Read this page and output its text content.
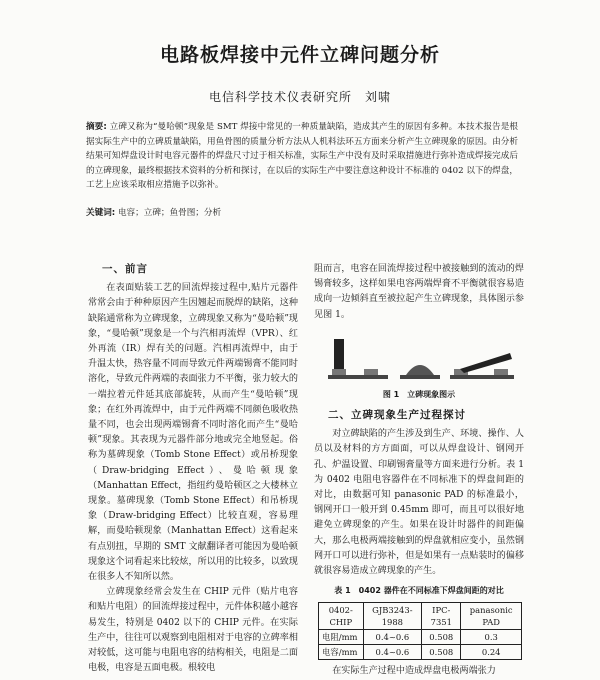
电路板焊接中元件立碑问题分析
电信科学技术仪表研究所　刘啸
摘要: 立碑又称为“曼哈顿”现象是 SMT 焊接中常见的一种质量缺陷，造成其产生的原因有多种。本技术报告是根据实际生产中的立碑质量缺陷，用鱼骨图的质量分析方法从人机料法环五方面来分析产生立碑现象的原因。由分析结果可知焊盘设计时电容元器件的焊盘尺寸过于相关标准，实际生产中没有及时采取措施进行弥补造成焊接完成后的立碑现象，最终根据技术资料的分析和探讨，在以后的实际生产中要注意这种设计不标准的 0402 以下的焊盘，工艺上应该采取相应措施予以弥补。
关键词: 电容；立碑；鱼骨图；分析
一、前言

在表面贴装工艺的回流焊接过程中,贴片元器件常常会由于种种原因产生因翘起而脱焊的缺陷，这种缺陷通常称为立碑现象，立碑现象又称为“曼哈顿”现象，“曼哈顿”现象是一个与汽相再流焊（VPR）、红外再流（IR）焊有关的问题。汽相再流焊中，由于升温太快，热容量不同而导致元件两端锡膏不能同时溶化，导致元件两端的表面张力不平衡，张力较大的一端拉着元件延其底部旋转，从而产生“曼哈顿”现象；在红外再流焊中，由于元件两端不同颜色吸收热量不同，也会出现两端锡膏不同时溶化而产生“曼哈顿”现象。其表现为元器件部分地或完全地竖起。俗称为墓碑现象（Tomb Stone Effect）或吊桥现象（Draw-bridging Effect）、曼哈顿现象（Manhattan Effect，指纽约曼哈顿区之大楼林立现象。墓碑现象（Tomb Stone Effect）和吊桥现象（Draw-bridging Effect）比较直观，容易理解，而曼哈顿现象（Manhattan Effect）这看起来有点别扭，早期的 SMT 文献翻译者可能因为曼哈顿现象这个词看起来比较炫，所以用的比较多，以致现在很多人不知所以然。

立碑现象经常会发生在 CHIP 元件（贴片电容和贴片电阻）的回流焊接过程中，元件体积越小越容易发生，特别是 0402 以下的 CHIP 元件。在实际生产中，往往可以观察到电阻相对于电容的立碑率相对较低，这可能与电阻电容的结构相关，电阻是二面电极，电容是五面电极。根较电

阻而言，电容在回流焊接过程中被接触到的流动的焊锡膏较多，这样如果电容两端焊膏不平衡就很容易造成向一边倾斜直至被拉起产生立碑现象，具体图示参见图 1。

图 1　立碑现象图示
二、立碑现象生产过程探讨

对立碑缺陷的产生涉及到生产、环境、操作、人员以及材料的方方面面，可以从焊盘设计、钢网开孔、炉温设置、印刷锡膏量等方面来进行分析。表 1 为 0402 电阻电容器件在不同标准下的焊盘间距的对比，由数据可知 panasonic PAD 的标准最小，钢网开口一般开到 0.45mm 即可，而且可以很好地避免立碑现象的产生。如果在设计时器件的间距偏大，那么电极两端接触到的焊盘就相应变小，虽然钢网开口可以进行弥补，但是如果有一点贴装时的偏移就很容易造成立碑现象的产生。

表 1　0402 器件在不同标准下焊盘间距的对比
0402-CHIP	GJB3243-1988	IPC-7351	panasonic PAD
电阻/mm	0.4~0.6	0.508	0.3
电容/mm	0.4~0.6	0.508	0.24

在实际生产过程中造成焊盘电极两端张力
